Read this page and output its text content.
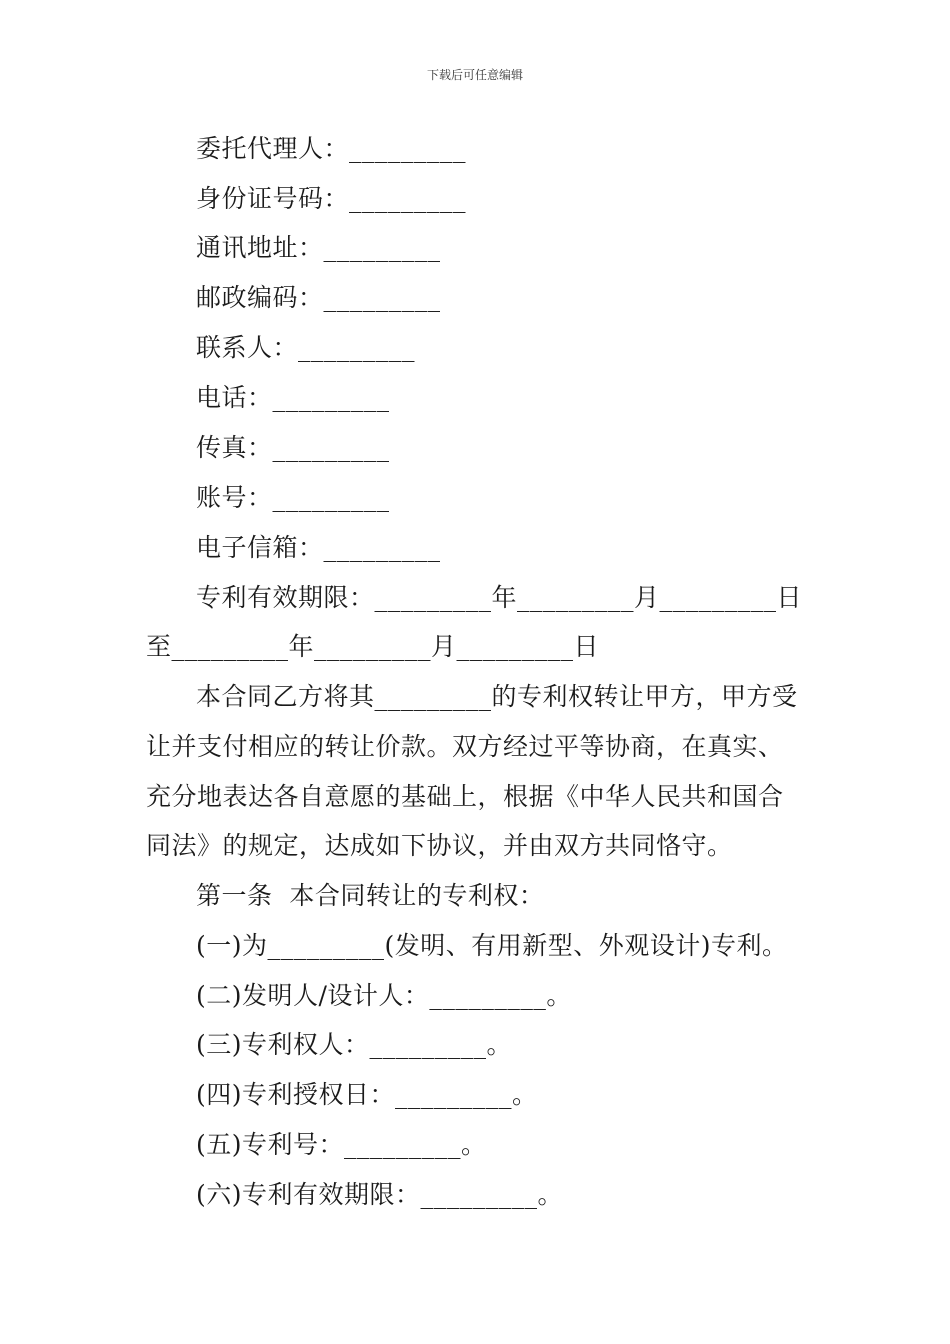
下载后可任意编辑
委托代理人：_________
身份证号码：_________
通讯地址：_________
邮政编码：_________
联系人：_________
电话：_________
传真：_________
账号：_________
电子信箱：_________
专利有效期限：_________年_________月_________日
至_________年_________月_________日
本合同乙方将其_________的专利权转让甲方，甲方受
让并支付相应的转让价款。双方经过平等协商，在真实、
充分地表达各自意愿的基础上，根据《中华人民共和国合
同法》的规定，达成如下协议，并由双方共同恪守。
第一条  本合同转让的专利权：
(一)为_________(发明、有用新型、外观设计)专利。
(二)发明人/设计人：_________。
(三)专利权人：_________。
(四)专利授权日：_________。
(五)专利号：_________。
(六)专利有效期限：_________。
